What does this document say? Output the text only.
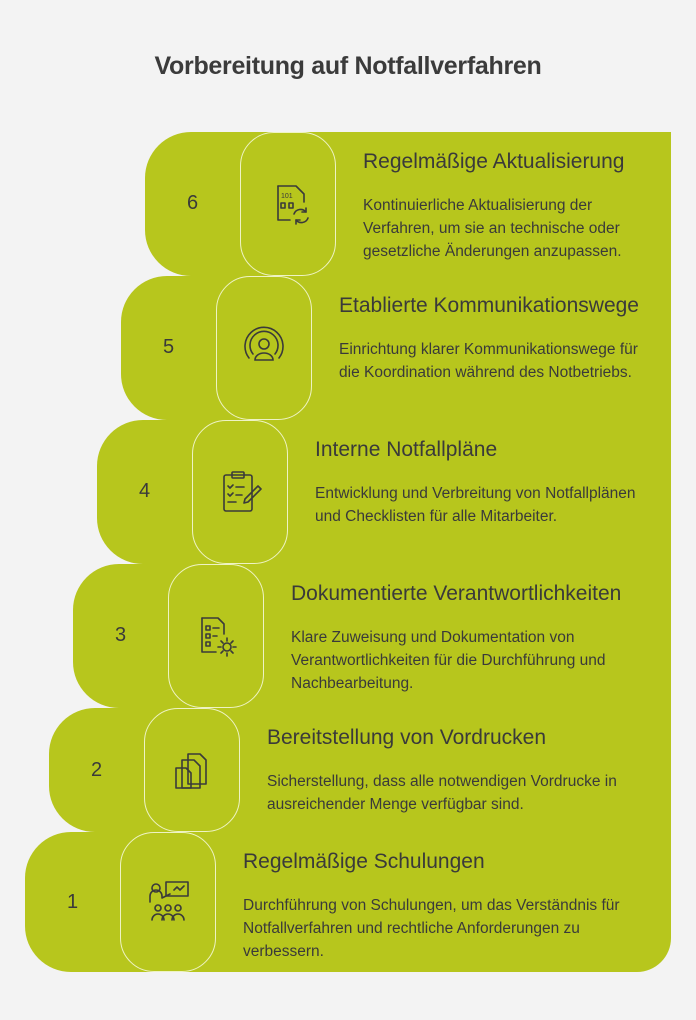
Vorbereitung auf Notfallverfahren
6	101
Regelmäßige Aktualisierung
Kontinuierliche Aktualisierung der Verfahren, um sie an technische oder gesetzliche Änderungen anzupassen.
5
Etablierte Kommunikationswege
Einrichtung klarer Kommunikationswege für die Koordination während des Notbetriebs.
4
Interne Notfallpläne
Entwicklung und Verbreitung von Notfallplänen und Checklisten für alle Mitarbeiter.
3
Dokumentierte Verantwortlichkeiten
Klare Zuweisung und Dokumentation von Verantwortlichkeiten für die Durchführung und Nachbearbeitung.
2
Bereitstellung von Vordrucken
Sicherstellung, dass alle notwendigen Vordrucke in ausreichender Menge verfügbar sind.
1
Regelmäßige Schulungen
Durchführung von Schulungen, um das Verständnis für Notfallverfahren und rechtliche Anforderungen zu verbessern.
